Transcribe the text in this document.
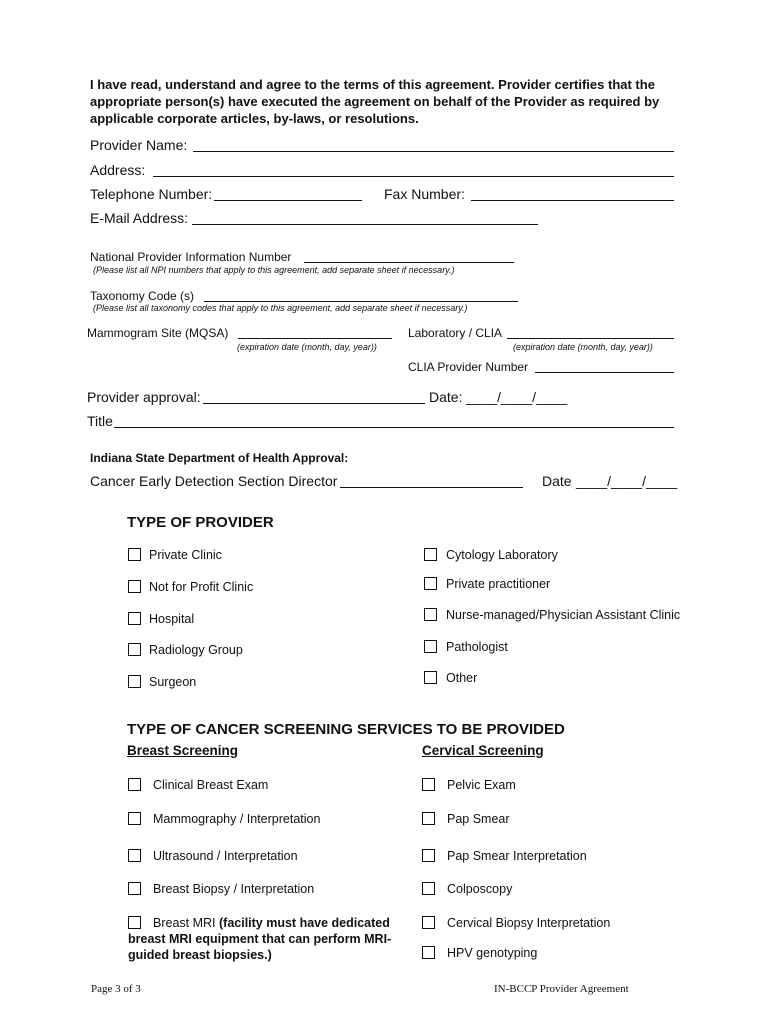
I have read, understand and agree to the terms of this agreement. Provider certifies that the appropriate person(s) have executed the agreement on behalf of the Provider as required by applicable corporate articles, by-laws, or resolutions.
Provider Name:
Address:
Telephone Number:	Fax Number:
E-Mail Address:
National Provider Information Number
(Please list all NPI numbers that apply to this agreement, add separate sheet if necessary.)
Taxonomy Code (s)
(Please list all taxonomy codes that apply to this agreement, add separate sheet if necessary.)
Mammogram Site (MQSA)
(expiration date (month, day, year))
Laboratory / CLIA
(expiration date (month, day, year))
CLIA Provider Number
Provider approval:	Date: ____/____/____
Title
Indiana State Department of Health Approval:
Cancer Early Detection Section Director	Date ____/____/____
TYPE OF PROVIDER
Private Clinic
Not for Profit Clinic
Hospital
Radiology Group
Surgeon
Cytology Laboratory
Private practitioner
Nurse-managed/Physician Assistant Clinic
Pathologist
Other
TYPE OF CANCER SCREENING SERVICES TO BE PROVIDED
Breast Screening	Cervical Screening
Clinical Breast Exam
Mammography / Interpretation
Ultrasound / Interpretation
Breast Biopsy / Interpretation
Breast MRI (facility must have dedicated
breast MRI equipment that can perform MRI-
guided breast biopsies.)
Pelvic Exam
Pap Smear
Pap Smear Interpretation
Colposcopy
Cervical Biopsy Interpretation
HPV genotyping
Page 3 of 3	IN-BCCP Provider Agreement
